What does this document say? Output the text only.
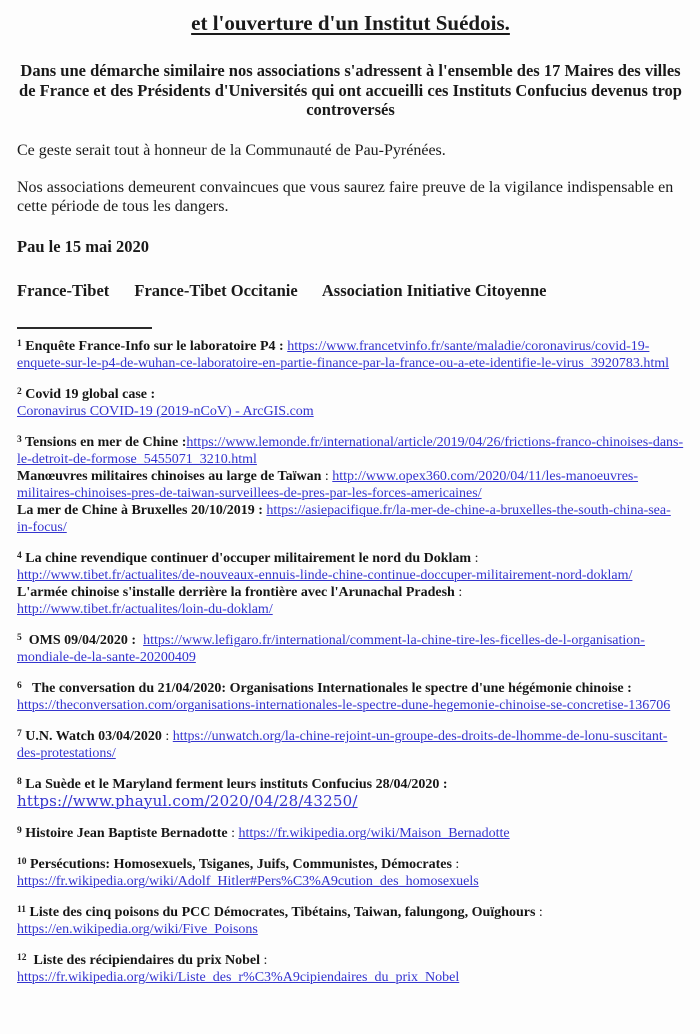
et l'ouverture d'un Institut Suédois.

Dans une démarche similaire nos associations s'adressent à l'ensemble des 17 Maires des villes de France et des Présidents d'Universités qui ont accueilli ces Instituts Confucius devenus trop controversés

Ce geste serait tout à honneur de la Communauté de Pau-Pyrénées.

Nos associations demeurent convaincues que vous saurez faire preuve de la vigilance indispensable en cette période de tous les dangers.

Pau le 15 mai 2020

France-Tibet France-Tibet Occitanie Association Initiative Citoyenne

$^1$ Enquête France-Info sur le laboratoire P4 : https://www.francetvinfo.fr/sante/maladie/coronavirus/covid-19-enquete-sur-le-p4-de-wuhan-ce-laboratoire-en-partie-finance-par-la-france-ou-a-ete-identifie-le-virus_3920783.html
$^2$ Covid 19 global case :
Coronavirus COVID-19 (2019-nCoV) - ArcGIS.com
$^3$ Tensions en mer de Chine :https://www.lemonde.fr/international/article/2019/04/26/frictions-franco-chinoises-dans-le-detroit-de-formose_5455071_3210.html
Manœuvres militaires chinoises au large de Taïwan : http://www.opex360.com/2020/04/11/les-manoeuvres-militaires-chinoises-pres-de-taiwan-surveillees-de-pres-par-les-forces-americaines/
La mer de Chine à Bruxelles 20/10/2019 : https://asiepacifique.fr/la-mer-de-chine-a-bruxelles-the-south-china-sea-in-focus/
$^4$ La chine revendique continuer d'occuper militairement le nord du Doklam :
http://www.tibet.fr/actualites/de-nouveaux-ennuis-linde-chine-continue-doccuper-militairement-nord-doklam/
L'armée chinoise s'installe derrière la frontière avec l'Arunachal Pradesh :
http://www.tibet.fr/actualites/loin-du-doklam/
$^5$  OMS 09/04/2020 :  https://www.lefigaro.fr/international/comment-la-chine-tire-les-ficelles-de-l-organisation-mondiale-de-la-sante-20200409
$^6$   The conversation du 21/04/2020: Organisations Internationales le spectre d'une hégémonie chinoise :
https://theconversation.com/organisations-internationales-le-spectre-dune-hegemonie-chinoise-se-concretise-136706
$^7$ U.N. Watch 03/04/2020 : https://unwatch.org/la-chine-rejoint-un-groupe-des-droits-de-lhomme-de-lonu-suscitant-des-protestations/
$^8$ La Suède et le Maryland ferment leurs instituts Confucius 28/04/2020 :
https://www.phayul.com/2020/04/28/43250/
$^9$ Histoire Jean Baptiste Bernadotte : https://fr.wikipedia.org/wiki/Maison_Bernadotte
$^{10}$ Persécutions: Homosexuels, Tsiganes, Juifs, Communistes, Démocrates :
https://fr.wikipedia.org/wiki/Adolf_Hitler#Pers%C3%A9cution_des_homosexuels
$^{11}$ Liste des cinq poisons du PCC Démocrates, Tibétains, Taiwan, falungong, Ouïghours :
https://en.wikipedia.org/wiki/Five_Poisons
$^{12}$  Liste des récipiendaires du prix Nobel :
https://fr.wikipedia.org/wiki/Liste_des_r%C3%A9cipiendaires_du_prix_Nobel
